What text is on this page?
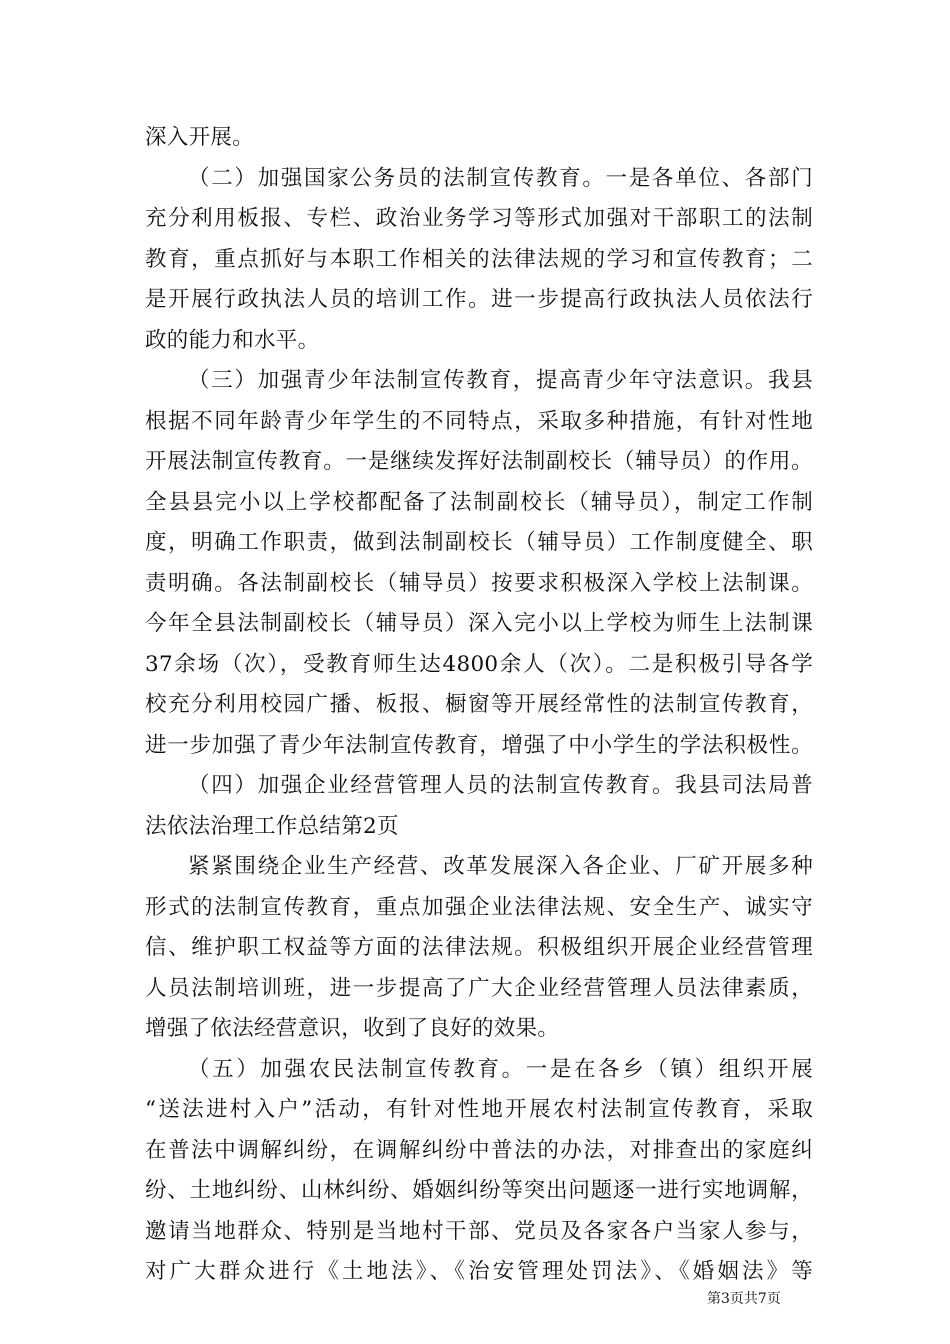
深入开展。
（二）加强国家公务员的法制宣传教育。一是各单位、各部门
充分利用板报、专栏、政治业务学习等形式加强对干部职工的法制
教育，重点抓好与本职工作相关的法律法规的学习和宣传教育；二
是开展行政执法人员的培训工作。进一步提高行政执法人员依法行
政的能力和水平。
（三）加强青少年法制宣传教育，提高青少年守法意识。我县
根据不同年龄青少年学生的不同特点，采取多种措施，有针对性地
开展法制宣传教育。一是继续发挥好法制副校长（辅导员）的作用。
全县县完小以上学校都配备了法制副校长（辅导员），制定工作制
度，明确工作职责，做到法制副校长（辅导员）工作制度健全、职
责明确。各法制副校长（辅导员）按要求积极深入学校上法制课。
今年全县法制副校长（辅导员）深入完小以上学校为师生上法制课
37余场（次），受教育师生达4800余人（次）。二是积极引导各学
校充分利用校园广播、板报、橱窗等开展经常性的法制宣传教育，
进一步加强了青少年法制宣传教育，增强了中小学生的学法积极性。
（四）加强企业经营管理人员的法制宣传教育。我县司法局普
法依法治理工作总结第2页
紧紧围绕企业生产经营、改革发展深入各企业、厂矿开展多种
形式的法制宣传教育，重点加强企业法律法规、安全生产、诚实守
信、维护职工权益等方面的法律法规。积极组织开展企业经营管理
人员法制培训班，进一步提高了广大企业经营管理人员法律素质，
增强了依法经营意识，收到了良好的效果。
（五）加强农民法制宣传教育。一是在各乡（镇）组织开展
“送法进村入户”活动，有针对性地开展农村法制宣传教育，采取
在普法中调解纠纷，在调解纠纷中普法的办法，对排查出的家庭纠
纷、土地纠纷、山林纠纷、婚姻纠纷等突出问题逐一进行实地调解，
邀请当地群众、特别是当地村干部、党员及各家各户当家人参与，
对广大群众进行《土地法》、《治安管理处罚法》、《婚姻法》等
第3页共7页
